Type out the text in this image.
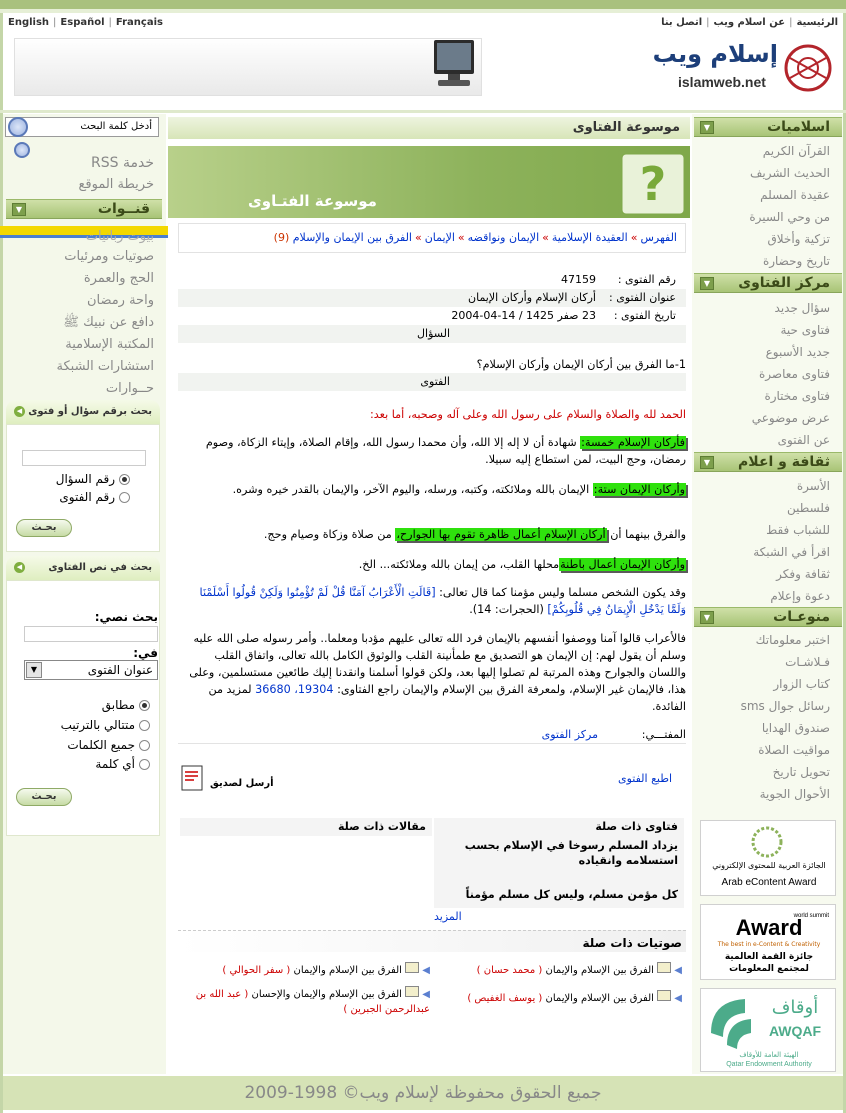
English | Español | Français	الرئيسية|عن اسلام ويب|اتصل بنا
إسلام ويب
islamweb.net
أدخل كلمة البحث
خدمة RSS
خريطة الموقع
قنــوات
▼
بيوت ربانيات
صوتيات ومرئيات
الحج والعمرة
واحة رمضان
دافع عن نبيك ﷺ
المكتبة الإسلامية
استشارات الشبكة
حــوارات
بحث برقم سؤال أو فتوى
◀
رقم السؤال
رقم الفتوى
بحـث
بحث في نص الفتاوى
◀
بحث نصي:
في:
عنوان الفتوى
▼
مطابق
متتالي بالترتيب
جميع الكلمات
أي كلمة
بحـث
موسوعة الفتاوى
?
موسوعة الفتـاوى
الفهرس»العقيدة الإسلامية»الإيمان ونواقضه»الإيمان»الفرق بين الإيمان والإسلام (9)
رقم الفتوى :
47159
عنوان الفتوى :
أركان الإسلام وأركان الإيمان
تاريخ الفتوى :
23 صفر 1425 / 14-04-2004
السؤال
1-ما الفرق بين أركان الإيمان وأركان الإسلام؟
الفتوى
الحمد لله والصلاة والسلام على رسول الله وعلى آله وصحبه، أما بعد:
فأركان الإسلام خمسة: شهادة أن لا إله إلا الله، وأن محمدا رسول الله، وإقام الصلاة، وإيتاء الزكاة، وصوم رمضان، وحج البيت، لمن استطاع إليه سبيلا.
وأركان الإيمان ستة: الإيمان بالله وملائكته، وكتبه، ورسله، واليوم الآخر، والإيمان بالقدر خيره وشره.
والفرق بينهما أن أركان الإسلام أعمال ظاهرة تقوم بها الجوارح، من صلاة وزكاة وصيام وحج.
وأركان الإيمان أعمال باطنةمحلها القلب، من إيمان بالله وملائكته... الخ.
وقد يكون الشخص مسلما وليس مؤمنا كما قال تعالى: [قَالَتِ الْأَعْرَابُ آمَنَّا قُلْ لَمْ تُؤْمِنُوا وَلَكِنْ قُولُوا أَسْلَمْنَا وَلَمَّا يَدْخُلِ الْإِيمَانُ فِي قُلُوبِكُمْ] (الحجرات: 14).
فالأعراب قالوا آمنا ووصفوا أنفسهم بالإيمان فرد الله تعالى عليهم مؤدبا ومعلما.. وأمر رسوله صلى الله عليه وسلم أن يقول لهم: إن الإيمان هو التصديق مع طمأنينة القلب والوثوق الكامل بالله تعالى، واتفاق القلب واللسان والجوارح وهذه المرتبة لم تصلوا إليها بعد، ولكن قولوا أسلمنا وانقدنا إليك طائعين مستسلمين، وعلى هذا، فالإيمان غير الإسلام، ولمعرفة الفرق بين الإسلام والإيمان راجع الفتاوى: 19304، 36680 لمزيد من الفائدة.
المفتـــي:
مركز الفتوى
اطبع الفتوى
أرسل لصديق
مقالات ذات صلة	فتاوى ذات صلة
يزداد المسلم رسوخا في الإسلام بحسب استسلامه وانقياده
كل مؤمن مسلم، وليس كل مسلم مؤمناً
المزيد
صوتيات ذات صلة
◀  الفرق بين الإسلام والإيمان ( محمد حسان )
◀  الفرق بين الإسلام والإيمان ( سفر الحوالي )
◀  الفرق بين الإسلام والإيمان ( يوسف الغفيص )
◀  الفرق بين الإسلام والإيمان والإحسان ( عبد الله بن عبدالرحمن الجبرين )
اسلاميات
▼
القرآن الكريم
الحديث الشريف
عقيدة المسلم
من وحي السيرة
تزكية وأخلاق
تاريخ وحضارة
مركز الفتاوى
▼
سؤال جديد
فتاوى حية
جديد الأسبوع
فتاوى معاصرة
فتاوى مختارة
عرض موضوعي
عن الفتوى
ثقافة و اعلام
▼
الأسرة
فلسطين
للشباب فقط
اقرأ في الشبكة
ثقافة وفكر
دعوة وإعلام
منوعـات
▼
اختبر معلوماتك
فـلاشـات
كتاب الزوار
رسائل جوال sms
صندوق الهدايا
مواقيت الصلاة
تحويل تاريخ
الأحوال الجوية
الجائزة العربية للمحتوى الإلكتروني
Arab eContent Award
world summit
Award
The best in e-Content & Creativity
جائزة القمة العالمية لمجتمع المعلومات
أوقاف
AWQAF
الهيئة العامة للأوقاف
Qatar Endowment Authority
جميع الحقوق محفوظة لإسلام ويب© 1998-2009
